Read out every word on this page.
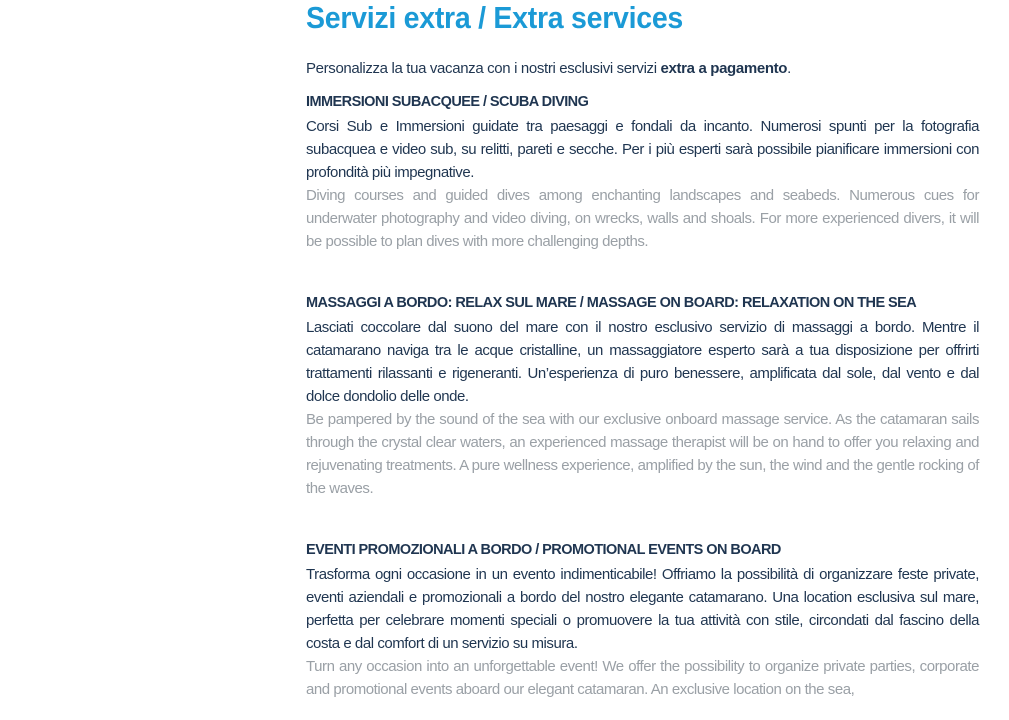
Servizi extra / Extra services

Personalizza la tua vacanza con i nostri esclusivi servizi extra a pagamento.

IMMERSIONI SUBACQUEE / SCUBA DIVING

Corsi Sub e Immersioni guidate tra paesaggi e fondali da incanto. Numerosi spunti per la fotografia subacquea e video sub, su relitti, pareti e secche. Per i più esperti sarà possibile pianificare immersioni con profondità più impegnative.

Diving courses and guided dives among enchanting landscapes and seabeds. Numerous cues for underwater photography and video diving, on wrecks, walls and shoals. For more experienced divers, it will be possible to plan dives with more challenging depths.

MASSAGGI A BORDO: RELAX SUL MARE / MASSAGE ON BOARD: RELAXATION ON THE SEA

Lasciati coccolare dal suono del mare con il nostro esclusivo servizio di massaggi a bordo. Mentre il catamarano naviga tra le acque cristalline, un massaggiatore esperto sarà a tua disposizione per offrirti trattamenti rilassanti e rigeneranti. Un’esperienza di puro benessere, amplificata dal sole, dal vento e dal dolce dondolio delle onde.

Be pampered by the sound of the sea with our exclusive onboard massage service. As the catamaran sails through the crystal clear waters, an experienced massage therapist will be on hand to offer you relaxing and rejuvenating treatments. A pure wellness experience, amplified by the sun, the wind and the gentle rocking of the waves.

EVENTI PROMOZIONALI A BORDO / PROMOTIONAL EVENTS ON BOARD

Trasforma ogni occasione in un evento indimenticabile! Offriamo la possibilità di organizzare feste private, eventi aziendali e promozionali a bordo del nostro elegante catamarano. Una location esclusiva sul mare, perfetta per celebrare momenti speciali o promuovere la tua attività con stile, circondati dal fascino della costa e dal comfort di un servizio su misura.

Turn any occasion into an unforgettable event! We offer the possibility to organize private parties, corporate and promotional events aboard our elegant catamaran. An exclusive location on the sea,
